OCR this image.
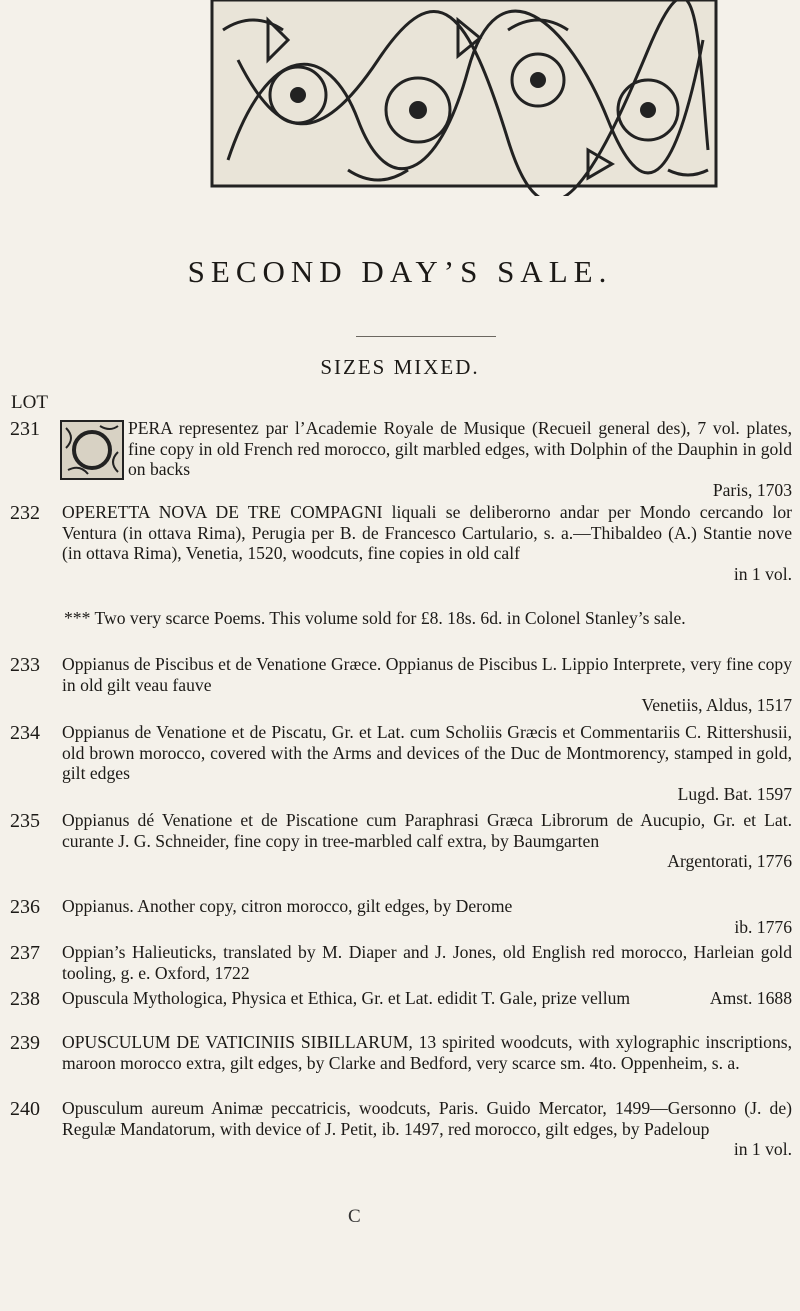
SECOND DAY’S SALE.
SIZES MIXED.
LOT
231	PERA representez par l’Academie Royale de Musique (Recueil general des), 7 vol. plates, fine copy in old French red morocco, gilt marbled edges, with Dolphin of the Dauphin in gold on backs
Paris, 1703
232 OPERETTA NOVA DE TRE COMPAGNI liquali se deliberorno andar per Mondo cercando lor Ventura (in ottava Rima), Perugia per B. de Francesco Cartulario, s. a.—Thibaldeo (A.) Stantie nove (in ottava Rima), Venetia, 1520, woodcuts, fine copies in old calf
in 1 vol.
*** Two very scarce Poems. This volume sold for £8. 18s. 6d. in Colonel Stanley’s sale.
233 Oppianus de Piscibus et de Venatione Græce. Oppianus de Piscibus L. Lippio Interprete, very fine copy in old gilt veau fauve
Venetiis, Aldus, 1517
234 Oppianus de Venatione et de Piscatu, Gr. et Lat. cum Scholiis Græcis et Commentariis C. Rittershusii, old brown morocco, covered with the Arms and devices of the Duc de Montmorency, stamped in gold, gilt edges
Lugd. Bat. 1597
235 Oppianus dé Venatione et de Piscatione cum Paraphrasi Græca Librorum de Aucupio, Gr. et Lat. curante J. G. Schneider, fine copy in tree-marbled calf extra, by Baumgarten
Argentorati, 1776
236 Oppianus. Another copy, citron morocco, gilt edges, by Derome
ib. 1776
237 Oppian’s Halieuticks, translated by M. Diaper and J. Jones, old English red morocco, Harleian gold tooling, g. e. Oxford, 1722
238 Opuscula Mythologica, Physica et Ethica, Gr. et Lat. edidit T. Gale, prize vellum	Amst. 1688
239 OPUSCULUM DE VATICINIIS SIBILLARUM, 13 spirited woodcuts, with xylographic inscriptions, maroon morocco extra, gilt edges, by Clarke and Bedford, very scarce sm. 4to. Oppenheim, s. a.
240 Opusculum aureum Animæ peccatricis, woodcuts, Paris. Guido Mercator, 1499—Gersonno (J. de) Regulæ Mandatorum, with device of J. Petit, ib. 1497, red morocco, gilt edges, by Padeloup
in 1 vol.
C
